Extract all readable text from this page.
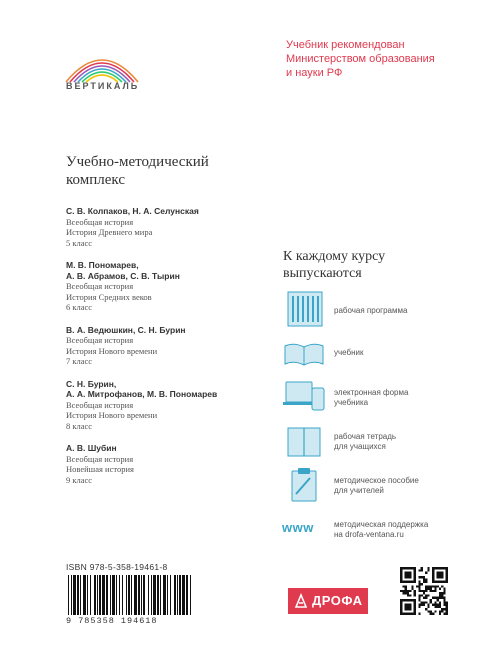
ВЕРТИКАЛЬ
Учебник рекомендован
Министерством образования
и науки РФ
Учебно-методический
комплекс
С. В. Колпаков, Н. А. Селунская
Всеобщая история
История Древнего мира
5 класс
М. В. Пономарев,
А. В. Абрамов, С. В. Тырин
Всеобщая история
История Средних веков
6 класс
В. А. Ведюшкин, С. Н. Бурин
Всеобщая история
История Нового времени
7 класс
С. Н. Бурин,
А. А. Митрофанов, М. В. Пономарев
Всеобщая история
История Нового времени
8 класс
А. В. Шубин
Всеобщая история
Новейшая история
9 класс
К каждому курсу
выпускаются
рабочая программа
учебник
электронная форма
учебника
рабочая тетрадь
для учащихся
методическое пособие
для учителей
www	методическая поддержка
на drofa-ventana.ru
ISBN 978-5-358-19461-8
9 785358 194618
ДРОФА
